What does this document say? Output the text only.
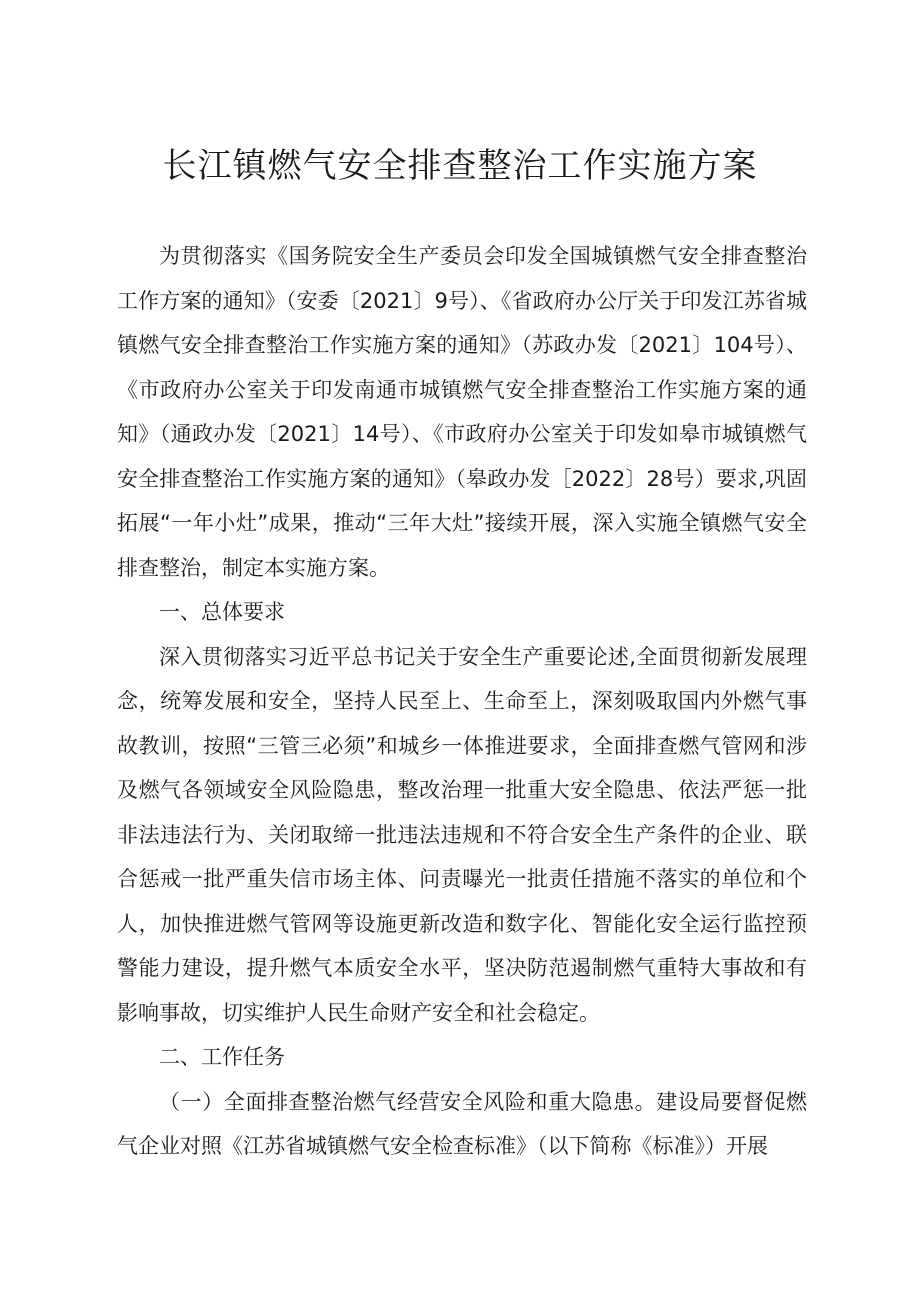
长江镇燃气安全排查整治工作实施方案

为贯彻落实《国务院安全生产委员会印发全国城镇燃气安全排查整治工作方案的通知》（安委〔2021〕9号）、《省政府办公厅关于印发江苏省城镇燃气安全排查整治工作实施方案的通知》（苏政办发〔2021〕104号）、《市政府办公室关于印发南通市城镇燃气安全排查整治工作实施方案的通知》（通政办发〔2021〕14号）、《市政府办公室关于印发如皋市城镇燃气安全排查整治工作实施方案的通知》（皋政办发［2022〕28号）要求,巩固拓展“一年小灶”成果，推动“三年大灶”接续开展，深入实施全镇燃气安全排查整治，制定本实施方案。

一、总体要求

深入贯彻落实习近平总书记关于安全生产重要论述,全面贯彻新发展理念，统筹发展和安全，坚持人民至上、生命至上，深刻吸取国内外燃气事故教训，按照“三管三必须”和城乡一体推进要求，全面排查燃气管网和涉及燃气各领域安全风险隐患，整改治理一批重大安全隐患、依法严惩一批非法违法行为、关闭取缔一批违法违规和不符合安全生产条件的企业、联合惩戒一批严重失信市场主体、问责曝光一批责任措施不落实的单位和个人，加快推进燃气管网等设施更新改造和数字化、智能化安全运行监控预警能力建设，提升燃气本质安全水平，坚决防范遏制燃气重特大事故和有影响事故，切实维护人民生命财产安全和社会稳定。

二、工作任务

（一）全面排查整治燃气经营安全风险和重大隐患。建设局要督促燃气企业对照《江苏省城镇燃气安全检查标准》（以下简称《标准》）开展
